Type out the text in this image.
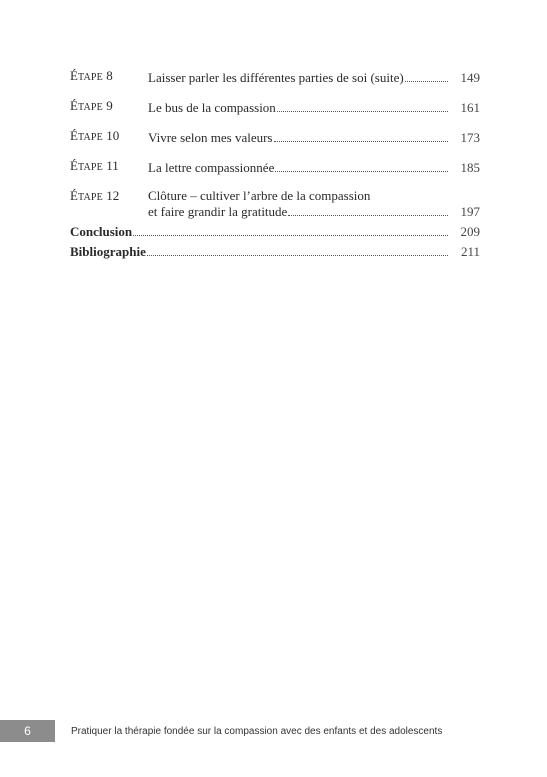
ÉTAPE 8	Laisser parler les différentes parties de soi (suite)	149
ÉTAPE 9	Le bus de la compassion	161
ÉTAPE 10	Vivre selon mes valeurs	173
ÉTAPE 11	La lettre compassionnée	185
ÉTAPE 12	Clôture – cultiver l’arbre de la compassion
et faire grandir la gratitude	197
Conclusion	209
Bibliographie	211
6	Pratiquer la thérapie fondée sur la compassion avec des enfants et des adolescents
